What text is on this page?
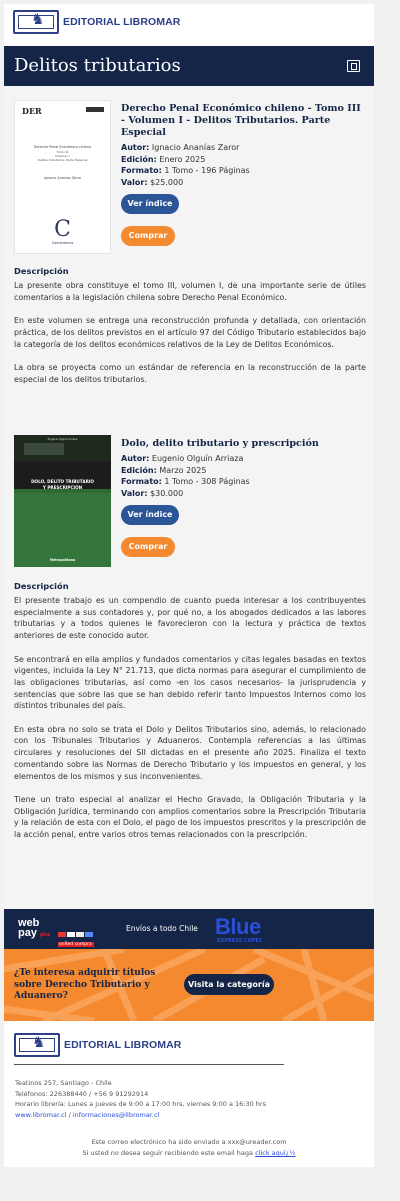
♞
EDITORIAL LIBROMAR
Delitos tributarios
DER
Derecho Penal Económico chileno
Tomo III
Volumen I
Delitos tributarios. Parte Especial
Ignacio Ananías Zaror
C
Comentarios
Derecho Penal Económico chileno - Tomo III - Volumen I - Delitos Tributarios. Parte Especial
Autor: Ignacio Ananías Zaror
Edición: Enero 2025
Formato: 1 Tomo - 196 Páginas
Valor: $25.000
Ver índice
Comprar
Descripción

La presente obra constituye el tomo III, volumen I, de una importante serie de útiles comentarios a la legislación chilena sobre Derecho Penal Económico.

En este volumen se entrega una reconstrucción profunda y detallada, con orientación práctica, de los delitos previstos en el artículo 97 del Código Tributario establecidos bajo la categoría de los delitos económicos relativos de la Ley de Delitos Económicos.

La obra se proyecta como un estándar de referencia en la reconstrucción de la parte especial de los delitos tributarios.

Eugenio Olguín Arriaza
DOLO, DELITO TRIBUTARIO
Y PRESCRIPCIÓN
Metropolitana
Dolo, delito tributario y prescripción
Autor: Eugenio Olguín Arriaza
Edición: Marzo 2025
Formato: 1 Tomo - 308 Páginas
Valor: $30.000
Ver índice
Comprar
Descripción

El presente trabajo es un compendio de cuanto pueda interesar a los contribuyentes especialmente a sus contadores y, por qué no, a los abogados dedicados a las labores tributarias y a todos quienes le favorecieron con la lectura y práctica de textos anteriores de este conocido autor.

Se encontrará en ella amplios y fundados comentarios y citas legales basadas en textos vigentes, incluida la Ley N° 21.713, que dicta normas para asegurar el cumplimiento de las obligaciones tributarias, así como -en los casos necesarios- la jurisprudencia y sentencias que sobre las que se han debido referir tanto Impuestos Internos como los distintos tribunales del país.

En esta obra no solo se trata el Dolo y Delitos Tributarios sino, además, lo relacionado con los Tribunales Tributarios y Aduaneros. Contempla referencias a las últimas circulares y resoluciones del SII dictadas en el presente año 2025. Finaliza el texto comentando sobre las Normas de Derecho Tributario y los impuestos en general, y los elementos de los mismos y sus inconvenientes.

Tiene un trato especial al analizar el Hecho Gravado, la Obligación Tributaria y la Obligación Jurídica, terminando con amplios comentarios sobre la Prescripción Tributaria y la relación de esta con el Dolo, el pago de los impuestos prescritos y la prescripción de la acción penal, entre varios otros temas relacionados con la prescripción.

web
pay plus
onRed compra
Envíos a todo Chile Blue
EXPRESS COPEC
¿Te interesa adquirir títulos sobre Derecho Tributario y Aduanero?
Visita la categoría
♞
EDITORIAL LIBROMAR
Teatinos 257, Santiago - Chile
Teléfonos: 226388440 / +56 9 91292914
Horario librería: Lunes a jueves de 9:00 a 17:00 hrs, viernes 9:00 a 16:30 hrs
www.libromar.cl / informaciones@libromar.cl
Este correo electrónico ha sido enviado a xxx@ureader.com
Si usted no desea seguir recibiendo este email haga click aquï¿½
